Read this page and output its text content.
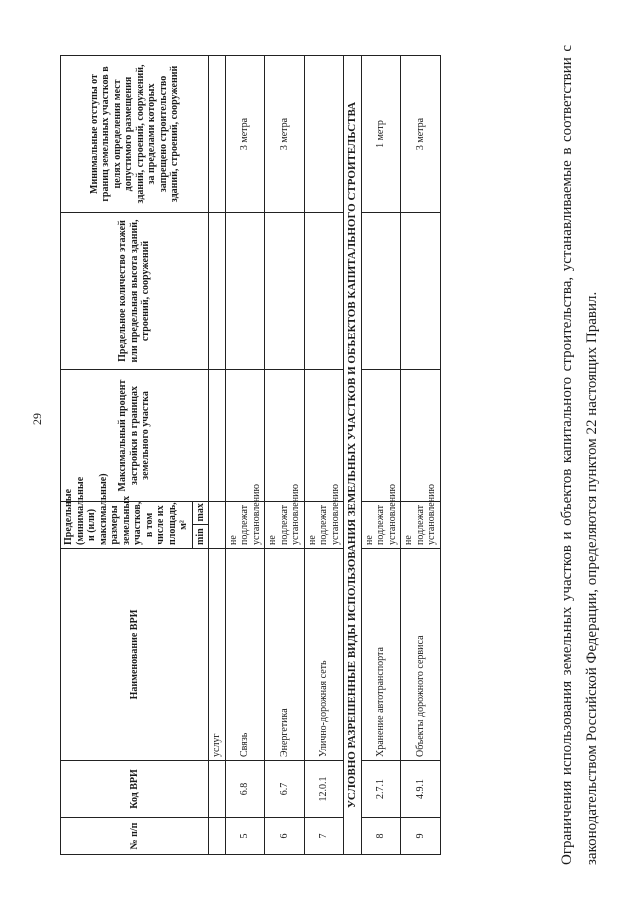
29
№ п/п	Код ВРИ	Наименование ВРИ	Предельные (минимальные и (или) максимальные) размеры земельных участков, в том числе их площадь, м²		Максимальный процент застройки в границах земельного участка	Предельное количество этажей или предельная высота зданий, строений, сооружений	Минимальные отступы от границ земельных участков в целях определения мест допустимого размещения зданий, строений, сооружений, за пределами которых запрещено строительство зданий, строений, сооружений
			min	max			
		услуг					
5	6.8	Связь	не подлежат установлению				3 метра
6	6.7	Энергетика	не подлежат установлению				3 метра
7	12.0.1	Улично-дорожная сеть	не подлежат установлению				
УСЛОВНО РАЗРЕШЕННЫЕ ВИДЫ ИСПОЛЬЗОВАНИЯ ЗЕМЕЛЬНЫХ УЧАСТКОВ И ОБЪЕКТОВ КАПИТАЛЬНОГО СТРОИТЕЛЬСТВА							
8	2.7.1	Хранение автотранспорта	не подлежат установлению				1 метр
9	4.9.1	Объекты дорожного сервиса	не подлежат установлению				3 метра	Ограничения использования земельных участков и объектов капитального строительства, устанавливаемые в соответствии с законодательством Российской Федерации, определяются пунктом 22 настоящих Правил.
